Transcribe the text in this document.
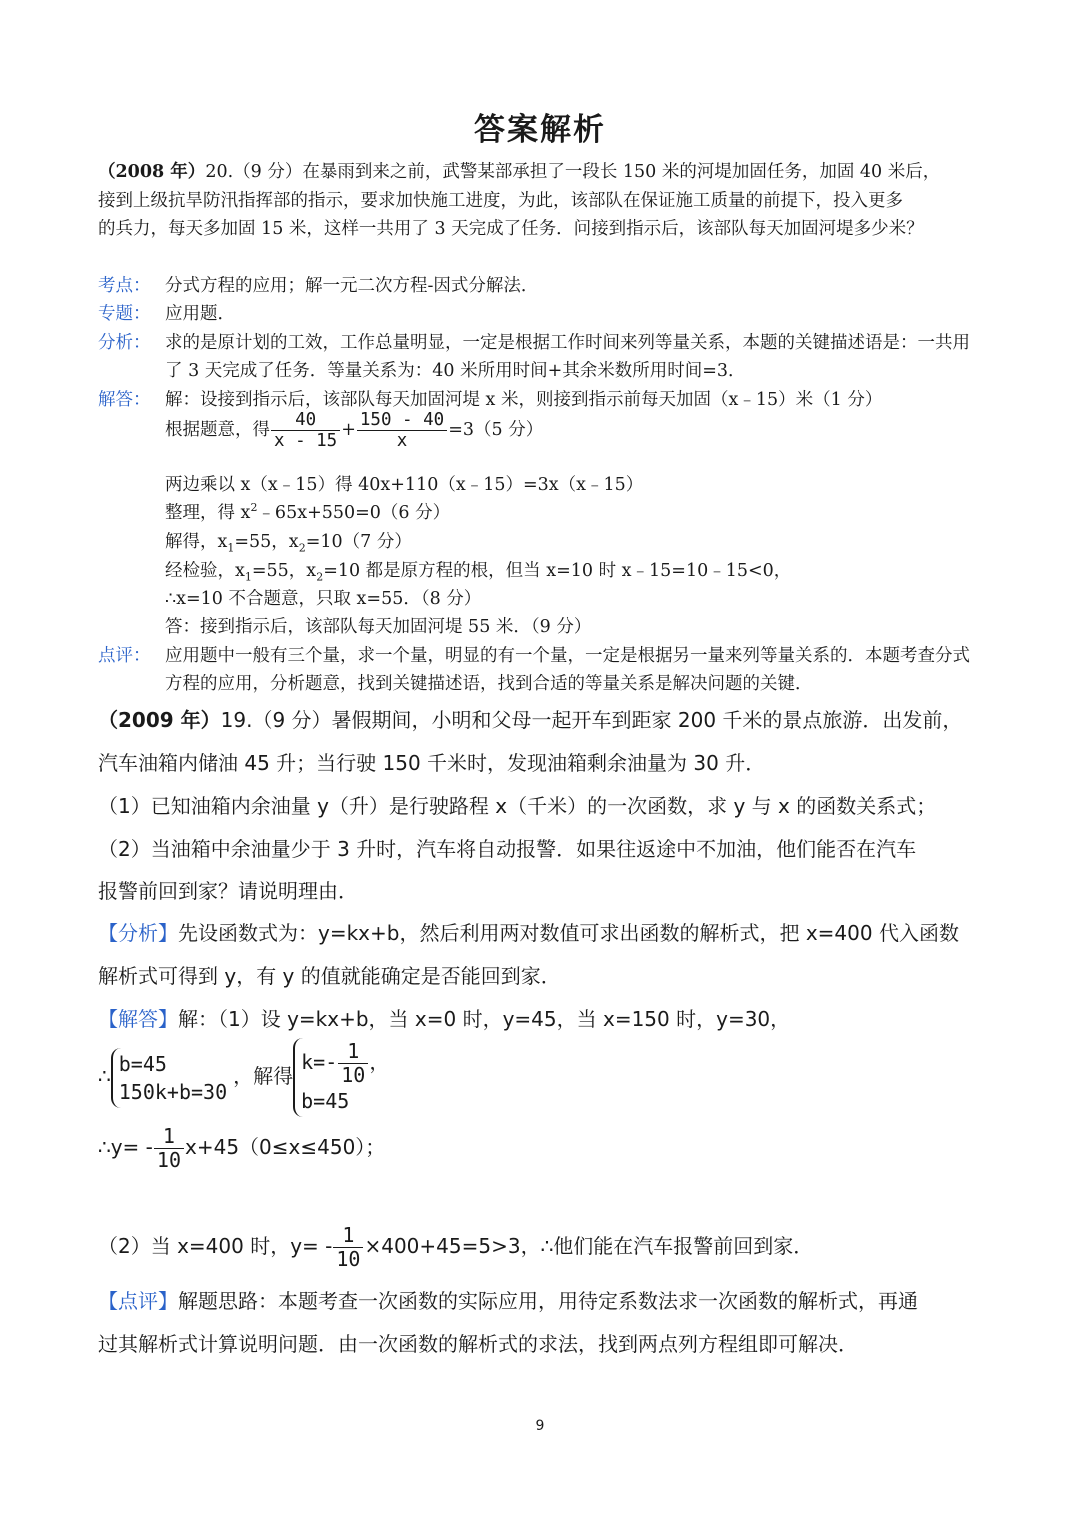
答案解析
（2008 年）20.（9 分）在暴雨到来之前，武警某部承担了一段长 150 米的河堤加固任务，加固 40 米后，
接到上级抗旱防汛指挥部的指示，要求加快施工进度，为此，该部队在保证施工质量的前提下，投入更多
的兵力，每天多加固 15 米，这样一共用了 3 天完成了任务．问接到指示后，该部队每天加固河堤多少米？
考点： 分式方程的应用；解一元二次方程-因式分解法．
专题： 应用题．
分析： 求的是原计划的工效，工作总量明显，一定是根据工作时间来列等量关系，本题的关键描述语是：一共用
了 3 天完成了任务．等量关系为：40 米所用时间+其余米数所用时间=3．
解答： 解：设接到指示后，该部队每天加固河堤 x 米，则接到指示前每天加固（x﹣15）米（1 分）
根据题意，得 $\frac{40}{x - 15} + \frac{150 - 40}{x} =3(5$ 分）
两边乘以 x（x﹣15）得 40x+110（x﹣15）=3x（x﹣15）
整理，得 $x^2﹣65x+550=0(6$ 分）
解得，$x_1=55$，$x_2=10(7$ 分）
经检验，$x_1=55$，$x_2=10$ 都是原方程的根，但当 x=10 时 x﹣15=10﹣15<0，
∴x=10 不合题意，只取 x=55．（8 分）
答：接到指示后，该部队每天加固河堤 55 米．（9 分）
点评： 应用题中一般有三个量，求一个量，明显的有一个量，一定是根据另一量来列等量关系的．本题考查分式
方程的应用，分析题意，找到关键描述语，找到合适的等量关系是解决问题的关键．
（2009 年）19.（9 分）暑假期间，小明和父母一起开车到距家 200 千米的景点旅游．出发前，
汽车油箱内储油 45 升；当行驶 150 千米时，发现油箱剩余油量为 30 升．
（1）已知油箱内余油量 y（升）是行驶路程 x（千米）的一次函数，求 y 与 x 的函数关系式；
（2）当油箱中余油量少于 3 升时，汽车将自动报警．如果往返途中不加油，他们能否在汽车
报警前回到家？请说明理由．
【分析】先设函数式为：y=kx+b，然后利用两对数值可求出函数的解析式，把 x=400 代入函数
解析式可得到 y，有 y 的值就能确定是否能回到家．
【解答】解：（1）设 y=kx+b，当 x=0 时，y=45，当 x=150 时，y=30，
∴
b=45
150k+b=30
，解得
$k=- \frac{1}{10}$ ，
b=45
∴y= - $\frac{1}{10} x+45(0\le x\le 450)$；
（2）当 x=400 时，$y= - \frac{1}{10} \times 400+45=5>3$，∴他们能在汽车报警前回到家．
【点评】解题思路：本题考查一次函数的实际应用，用待定系数法求一次函数的解析式，再通
过其解析式计算说明问题．由一次函数的解析式的求法，找到两点列方程组即可解决．
9
